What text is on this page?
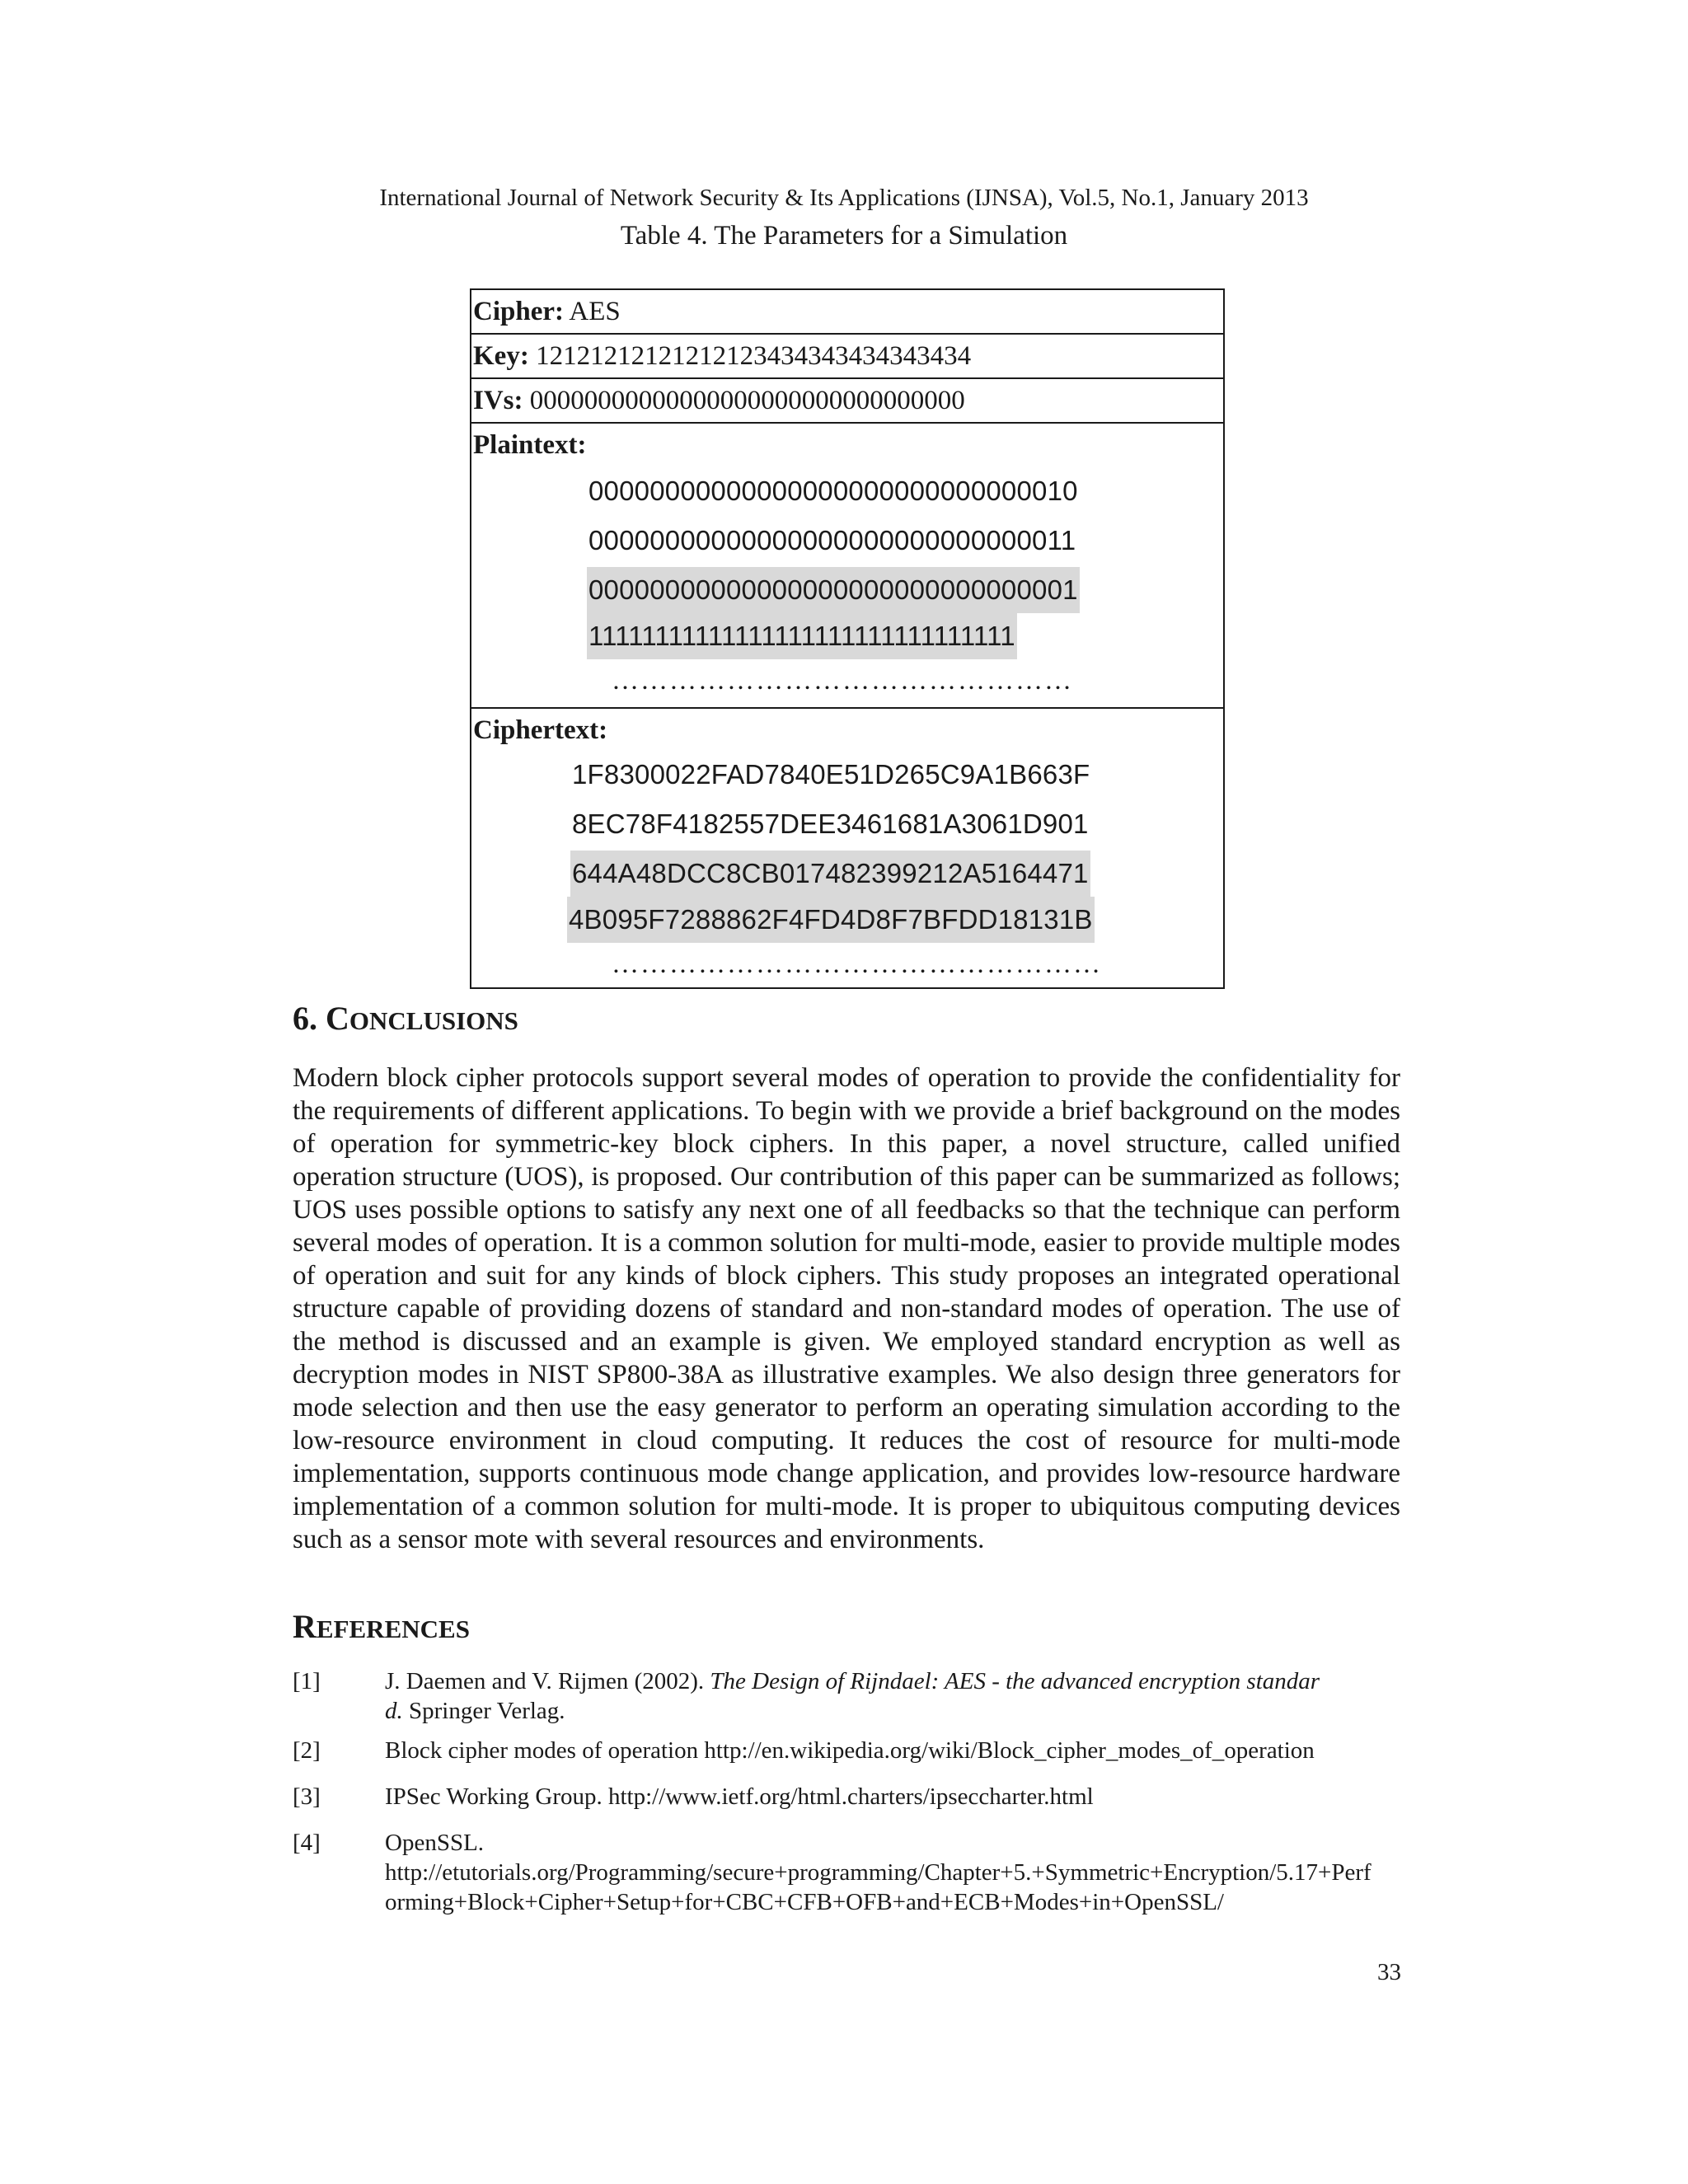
International Journal of Network Security & Its Applications (IJNSA), Vol.5, No.1, January 2013
Table 4. The Parameters for a Simulation
Cipher: AES
Key: 12121212121212123434343434343434
IVs: 00000000000000000000000000000000
Plaintext:
00000000000000000000000000000010
00000000000000000000000000000011
00000000000000000000000000000001
11111111111111111111111111111111
…………………………………………
Ciphertext:
1F8300022FAD7840E51D265C9A1B663F
8EC78F4182557DEE3461681A3061D901
644A48DCC8CB017482399212A5164471
4B095F7288862F4FD4D8F7BFDD18131B
……………………………………………
6. CONCLUSIONS
Modern block cipher protocols support several modes of operation to provide the confidentiality for the requirements of different applications. To begin with we provide a brief background on the modes of operation for symmetric-key block ciphers. In this paper, a novel structure, called unified operation structure (UOS), is proposed. Our contribution of this paper can be summarized as follows; UOS uses possible options to satisfy any next one of all feedbacks so that the technique can perform several modes of operation. It is a common solution for multi-mode, easier to provide multiple modes of operation and suit for any kinds of block ciphers. This study proposes an integrated operational structure capable of providing dozens of standard and non-standard modes of operation. The use of the method is discussed and an example is given. We employed standard encryption as well as decryption modes in NIST SP800-38A as illustrative examples. We also design three generators for mode selection and then use the easy generator to perform an operating simulation according to the low-resource environment in cloud computing. It reduces the cost of resource for multi-mode implementation, supports continuous mode change application, and provides low-resource hardware implementation of a common solution for multi-mode. It is proper to ubiquitous computing devices such as a sensor mote with several resources and environments.
REFERENCES
[1]	J. Daemen and V. Rijmen (2002). The Design of Rijndael: AES - the advanced encryption standard. Springer Verlag.
[2]	Block cipher modes of operation http://en.wikipedia.org/wiki/Block_cipher_modes_of_operation
[3]	IPSec Working Group. http://www.ietf.org/html.charters/ipseccharter.html
[4]	OpenSSL.
http://etutorials.org/Programming/secure+programming/Chapter+5.+Symmetric+Encryption/5.17+Performing+Block+Cipher+Setup+for+CBC+CFB+OFB+and+ECB+Modes+in+OpenSSL/
33
